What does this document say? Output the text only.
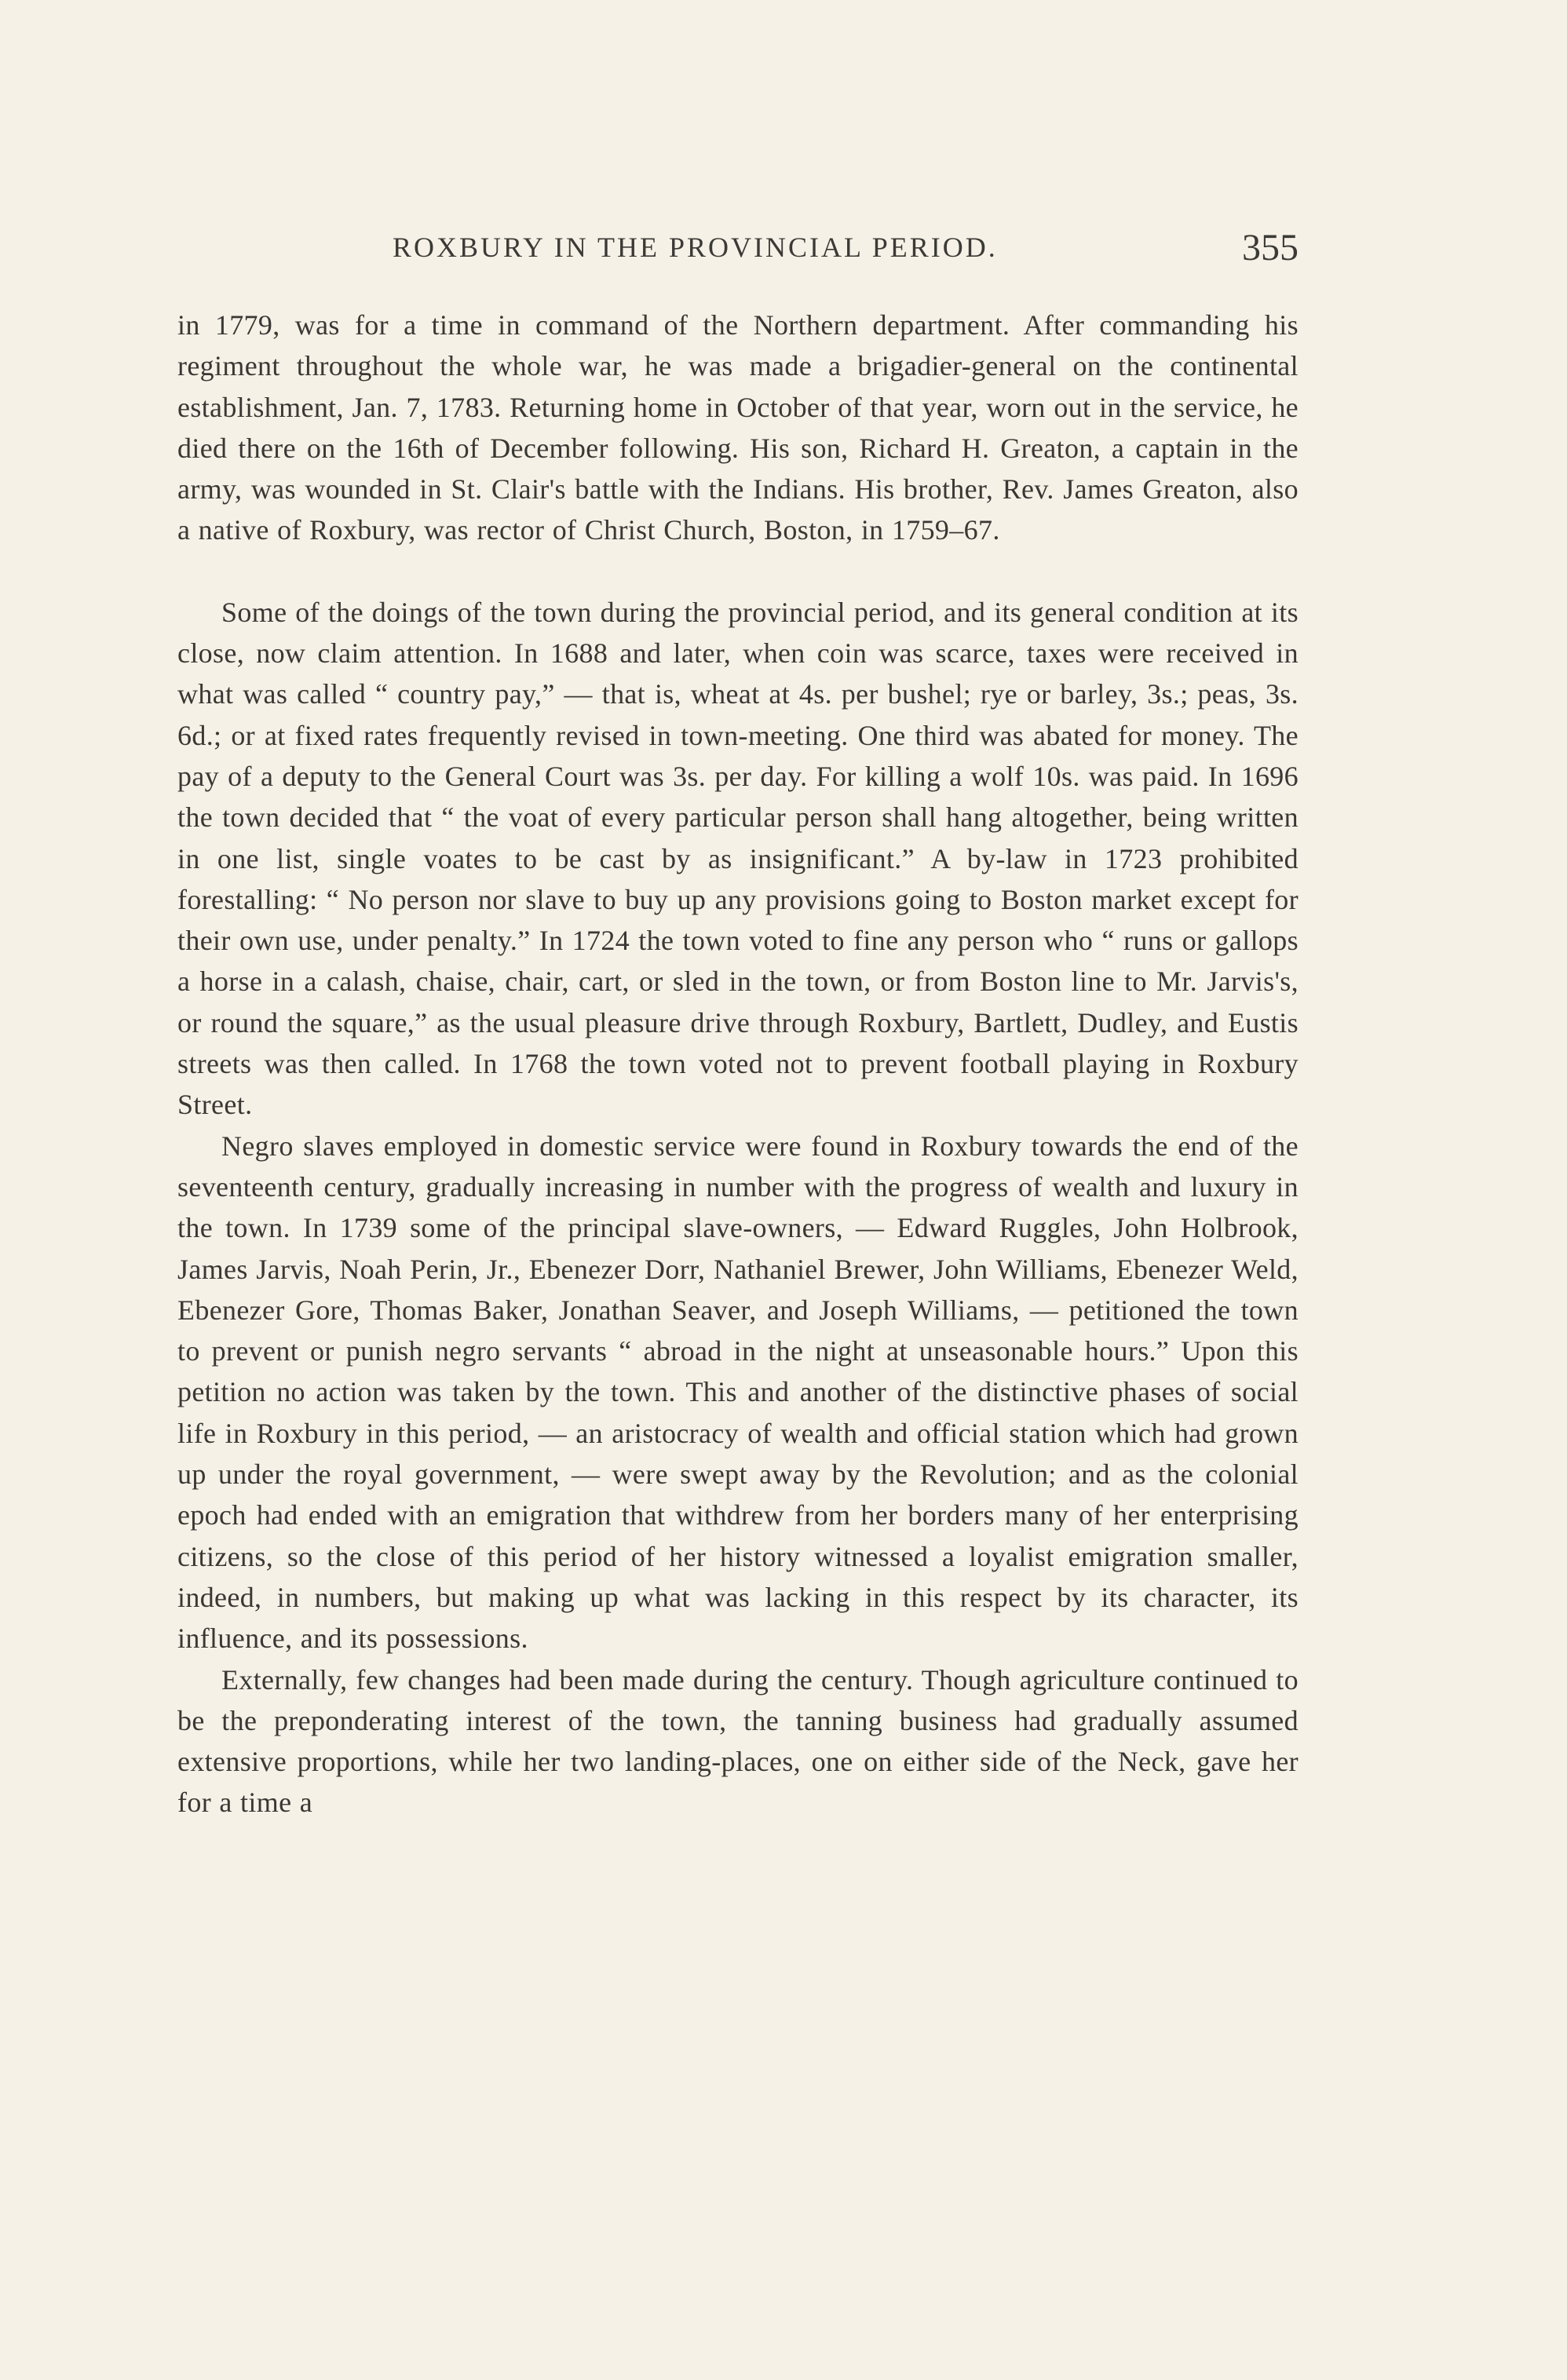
ROXBURY IN THE PROVINCIAL PERIOD.	355

in 1779, was for a time in command of the Northern department. After commanding his regiment throughout the whole war, he was made a brigadier-general on the continental establishment, Jan. 7, 1783. Returning home in October of that year, worn out in the service, he died there on the 16th of December following. His son, Richard H. Greaton, a captain in the army, was wounded in St. Clair's battle with the Indians. His brother, Rev. James Greaton, also a native of Roxbury, was rector of Christ Church, Boston, in 1759–67.

Some of the doings of the town during the provincial period, and its general condition at its close, now claim attention. In 1688 and later, when coin was scarce, taxes were received in what was called “ country pay,” — that is, wheat at 4s. per bushel; rye or barley, 3s.; peas, 3s. 6d.; or at fixed rates frequently revised in town-meeting. One third was abated for money. The pay of a deputy to the General Court was 3s. per day. For killing a wolf 10s. was paid. In 1696 the town decided that “ the voat of every particular person shall hang altogether, being written in one list, single voates to be cast by as insignificant.” A by-law in 1723 prohibited forestalling: “ No person nor slave to buy up any provisions going to Boston market except for their own use, under penalty.” In 1724 the town voted to fine any person who “ runs or gallops a horse in a calash, chaise, chair, cart, or sled in the town, or from Boston line to Mr. Jarvis's, or round the square,” as the usual pleasure drive through Roxbury, Bartlett, Dudley, and Eustis streets was then called. In 1768 the town voted not to prevent football playing in Roxbury Street.

Negro slaves employed in domestic service were found in Roxbury towards the end of the seventeenth century, gradually increasing in number with the progress of wealth and luxury in the town. In 1739 some of the principal slave-owners, — Edward Ruggles, John Holbrook, James Jarvis, Noah Perin, Jr., Ebenezer Dorr, Nathaniel Brewer, John Williams, Ebenezer Weld, Ebenezer Gore, Thomas Baker, Jonathan Seaver, and Joseph Williams, — petitioned the town to prevent or punish negro servants “ abroad in the night at unseasonable hours.” Upon this petition no action was taken by the town. This and another of the distinctive phases of social life in Roxbury in this period, — an aristocracy of wealth and official station which had grown up under the royal government, — were swept away by the Revolution; and as the colonial epoch had ended with an emigration that withdrew from her borders many of her enterprising citizens, so the close of this period of her history witnessed a loyalist emigration smaller, indeed, in numbers, but making up what was lacking in this respect by its character, its influence, and its possessions.

Externally, few changes had been made during the century. Though agriculture continued to be the preponderating interest of the town, the tanning business had gradually assumed extensive proportions, while her two landing-places, one on either side of the Neck, gave her for a time a
